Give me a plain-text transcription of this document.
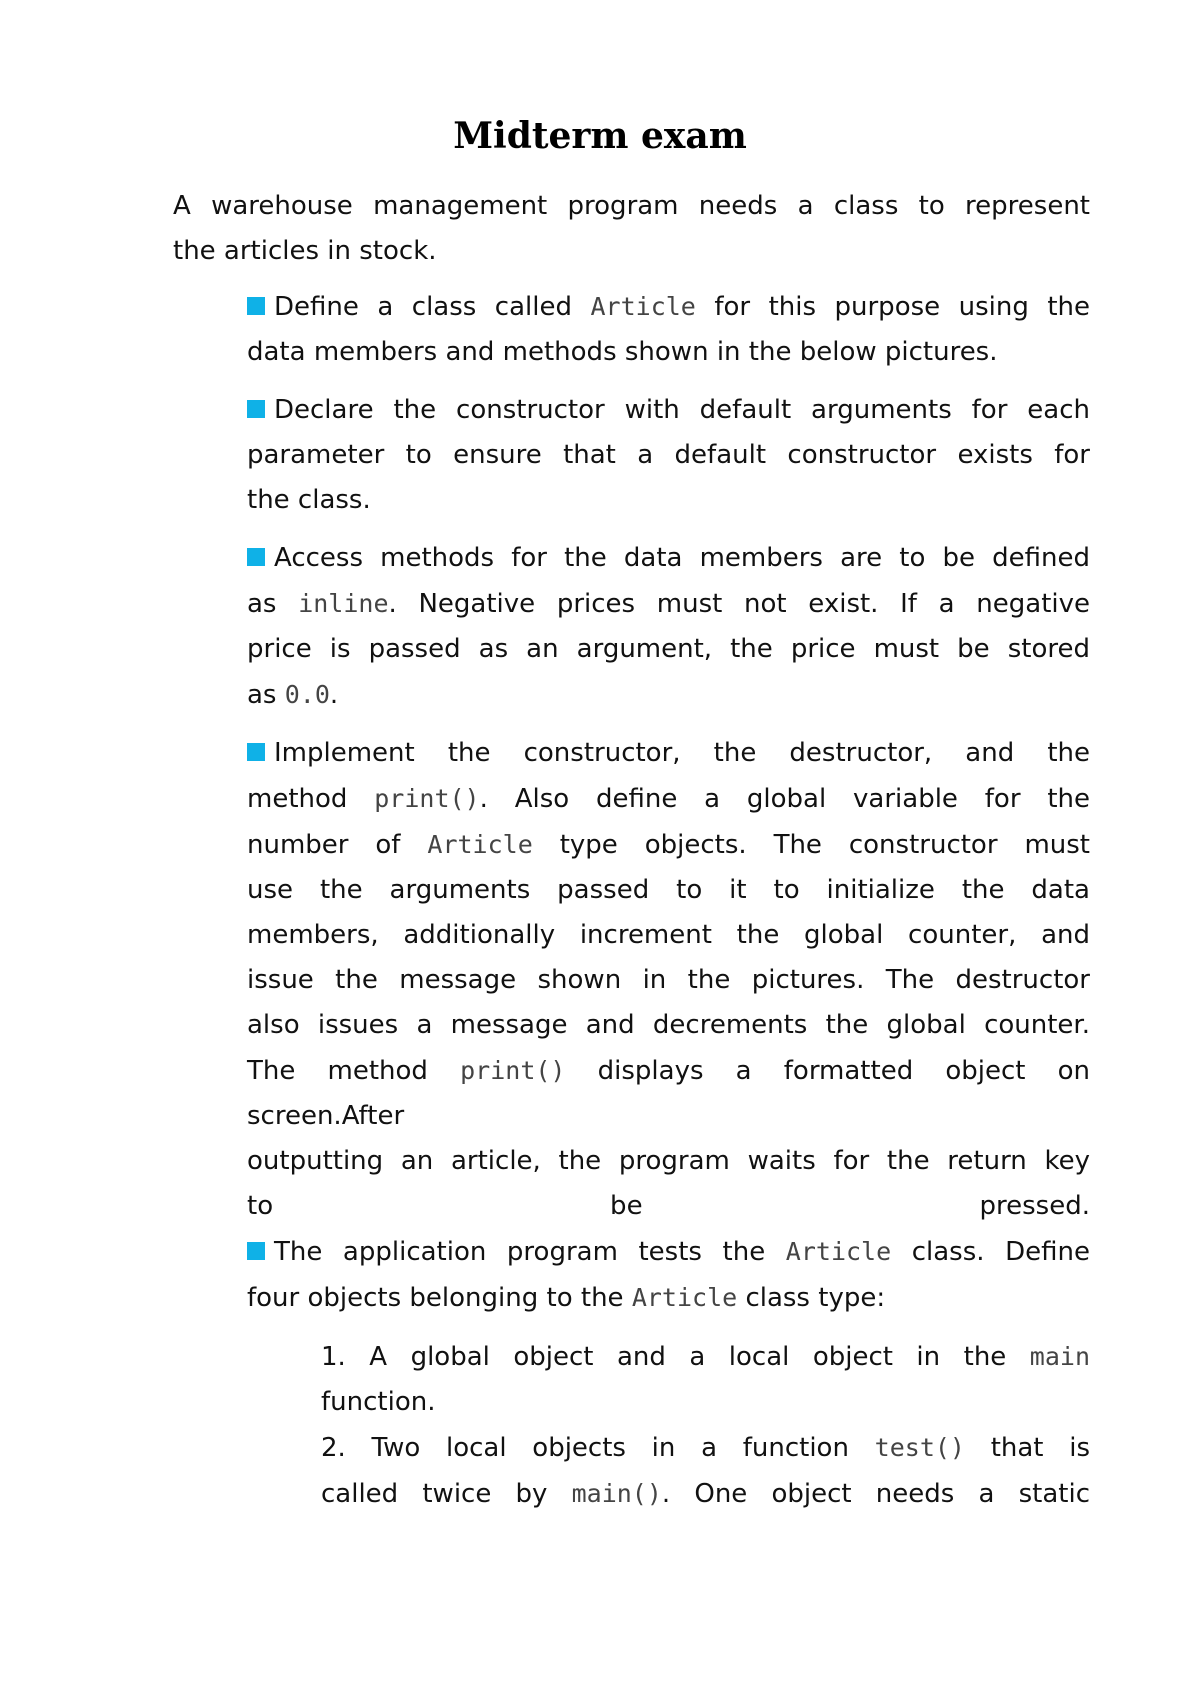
Midterm exam

A warehouse management program needs a class to represent

the articles in stock.

Define a class called Article for this purpose using the

data members and methods shown in the below pictures.

Declare the constructor with default arguments for each

parameter to ensure that a default constructor exists for

the class.

Access methods for the data members are to be defined

as inline. Negative prices must not exist. If a negative

price is passed as an argument, the price must be stored

as 0.0.

Implement the constructor, the destructor, and the

method print(). Also define a global variable for the

number of Article type objects. The constructor must

use the arguments passed to it to initialize the data

members, additionally increment the global counter, and

issue the message shown in the pictures. The destructor

also issues a message and decrements the global counter.

The method print() displays a formatted object on

screen.After

outputting an article, the program waits for the return key

to be pressed.

The application program tests the Article class. Define

four objects belonging to the Article class type:

1. A global object and a local object in the main

function.

2. Two local objects in a function test() that is

called twice by main(). One object needs a static
